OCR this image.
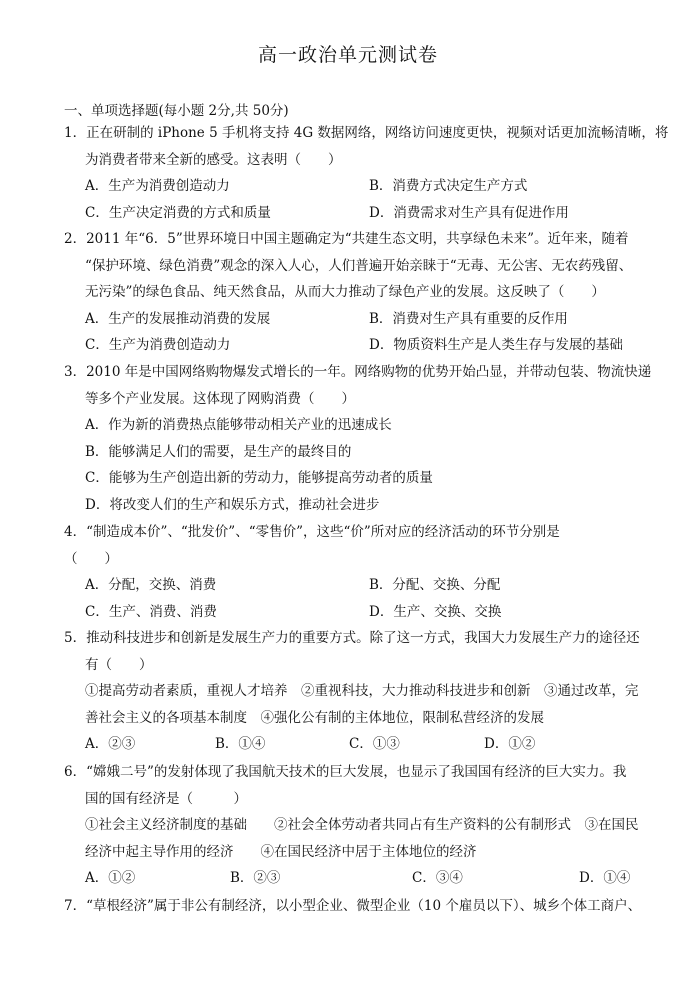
高一政治单元测试卷
一、单项选择题(每小题 2分,共 50分)
1．正在研制的 iPhone 5 手机将支持 4G 数据网络，网络访问速度更快，视频对话更加流畅清晰，将
为消费者带来全新的感受。这表明（　　）
A．生产为消费创造动力	B．消费方式决定生产方式
C．生产决定消费的方式和质量	D．消费需求对生产具有促进作用
2．2011 年“6．5”世界环境日中国主题确定为“共建生态文明，共享绿色未来”。近年来，随着
“保护环境、绿色消费”观念的深入人心，人们普遍开始亲睐于“无毒、无公害、无农药残留、
无污染”的绿色食品、纯天然食品，从而大力推动了绿色产业的发展。这反映了（　　）
A．生产的发展推动消费的发展	B．消费对生产具有重要的反作用
C．生产为消费创造动力	D．物质资料生产是人类生存与发展的基础
3．2010 年是中国网络购物爆发式增长的一年。网络购物的优势开始凸显，并带动包装、物流快递
等多个产业发展。这体现了网购消费（　　）
A．作为新的消费热点能够带动相关产业的迅速成长
B．能够满足人们的需要，是生产的最终目的
C．能够为生产创造出新的劳动力，能够提高劳动者的质量
D．将改变人们的生产和娱乐方式，推动社会进步
4．“制造成本价”、“批发价”、“零售价”，这些“价”所对应的经济活动的环节分别是
（　　）
A．分配，交换、消费	B．分配、交换、分配
C．生产、消费、消费	D．生产、交换、交换
5．推动科技进步和创新是发展生产力的重要方式。除了这一方式，我国大力发展生产力的途径还
有（　　）
①提高劳动者素质，重视人才培养　②重视科技，大力推动科技进步和创新　③通过改革，完
善社会主义的各项基本制度　④强化公有制的主体地位，限制私营经济的发展
A．②③	B．①④	C．①③	D．①②
6．“嫦娥二号”的发射体现了我国航天技术的巨大发展，也显示了我国国有经济的巨大实力。我
国的国有经济是（　　　）
①社会主义经济制度的基础　　②社会全体劳动者共同占有生产资料的公有制形式　③在国民
经济中起主导作用的经济　　④在国民经济中居于主体地位的经济
A．①②	B．②③	C．③④	D．①④
7．“草根经济”属于非公有制经济，以小型企业、微型企业（10 个雇员以下）、城乡个体工商户、
